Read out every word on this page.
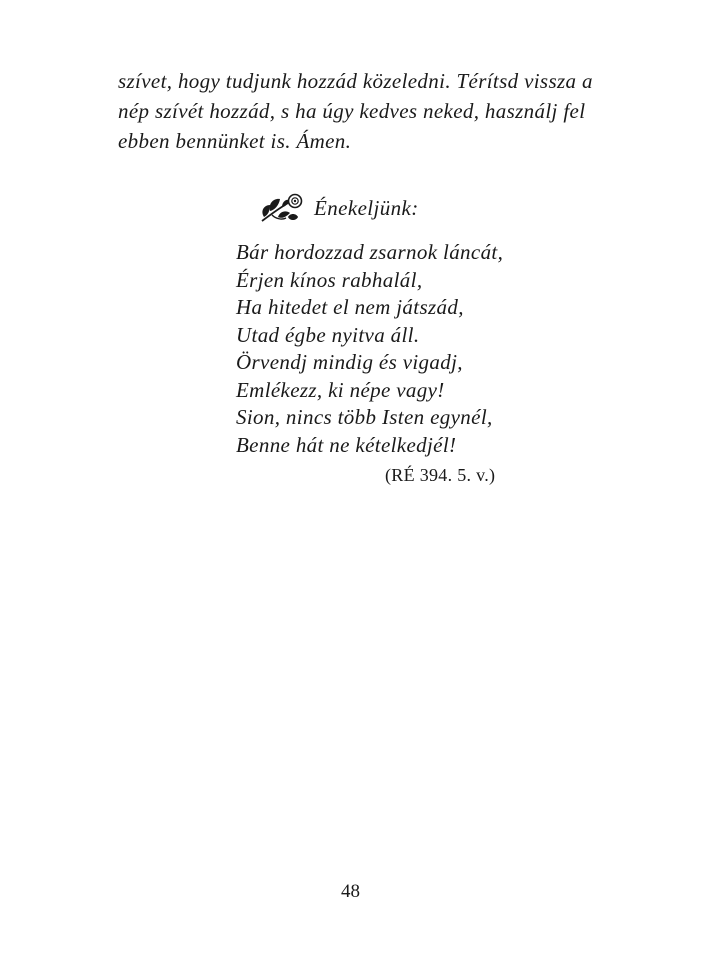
szívet, hogy tudjunk hozzád közeledni. Térítsd vissza a
nép szívét hozzád, s ha úgy kedves neked, használj fel
ebben bennünket is. Ámen.
Énekeljünk:
Bár hordozzad zsarnok láncát,
Érjen kínos rabhalál,
Ha hitedet el nem játszád,
Utad égbe nyitva áll.
Örvendj mindig és vigadj,
Emlékezz, ki népe vagy!
Sion, nincs több Isten egynél,
Benne hát ne kételkedjél!
(RÉ 394. 5. v.)
48
